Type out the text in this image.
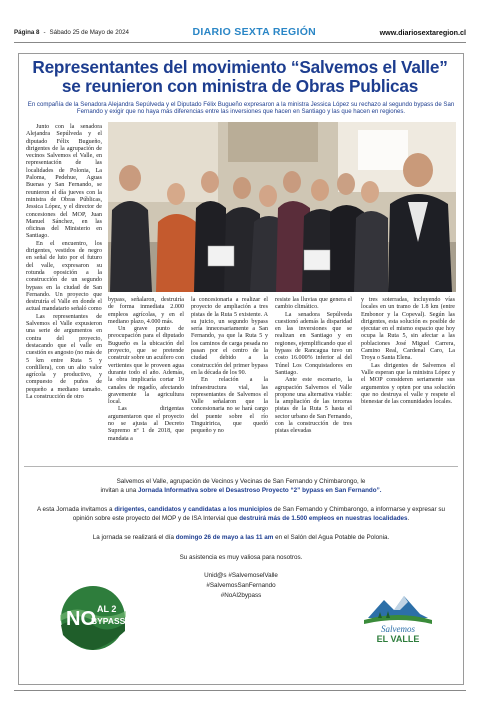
Página 8 - Sábado 25 de Mayo de 2024	DIARIO SEXTA REGIÓN	www.diariosextaregion.cl
Representantes del movimiento “Salvemos el Valle”
se reunieron con ministra de Obras Publicas
En compañía de la Senadora Alejandra Sepúlveda y el Diputado Félix Bugueño expresaron a la ministra Jessica López su rechazo al segundo bypass de San Fernando y exigir que no haya más diferencias entre las inversiones que hacen en Santiago y las que hacen en regiones.

Junto con la senadora Alejandra Sepúlveda y el diputado Félix Bugueño, dirigentes de la agrupación de vecinos Salvemos el Valle, en representación de las localidades de Polonia, La Paloma, Pedehue, Aguas Buenas y San Fernando, se reunieron el día jueves con la ministra de Obras Públicas, Jessica López, y el director de concesiones del MOP, Juan Manuel Sánchez, en las oficinas del Ministerio en Santiago.

En el encuentro, los dirigentes, vestidos de negro en señal de luto por el futuro del valle, expresaron su rotunda oposición a la construcción de un segundo bypass en la ciudad de San Fernando. Un proyecto que destruiría el Valle en donde el actual mandatario señaló como

Las representantes de Salvemos el Valle expusieron una serie de argumentos en contra del proyecto, destacando que el valle en cuestión es angosto (no más de 5 km entre Ruta 5 y cordillera), con un alto valor agrícola y productivo, y compuesto de puños de pequeño a mediano tamaño. La construcción de otro

bypass, señalaron, destruiría de forma inmediata 2.000 empleos agrícolas, y en el mediano plazo, 4.000 más.

Un grave punto de preocupación para el diputado Bugueño es la ubicación del proyecto, que se pretende construir sobre un acuífero con vertientes que le proveen agua durante todo el año. Además, la obra implicaría cortar 19 canales de regadío, afectando gravemente la agricultura local.

Las dirigentas argumentaron que el proyecto no se ajusta al Decreto Supremo nº 1 de 2018, que mandata a

la concesionaria a realizar el proyecto de ampliación a tres pistas de la Ruta 5 existente. A su juicio, un segundo bypass sería innecesariamente a San Fernando, ya que la Ruta 5 y los caminos de carga pesada no pasan por el centro de la ciudad debido a la construcción del primer bypass en la década de los 90.

En relación a la infraestructura vial, las representantes de Salvemos el Valle señalaron que la concesionaria no se hará cargo del puente sobre el río Tinguiririca, que quedó pequeño y no

resiste las lluvias que genera el cambio climático.

La senadora Sepúlveda cuestionó además la disparidad en las inversiones que se realizan en Santiago y en regiones, ejemplificando que el bypass de Rancagua tuvo un costo 16.000% inferior al del Túnel Los Conquistadores en Santiago.

Ante este escenario, la agrupación Salvemos el Valle propone una alternativa viable: la ampliación de las terceras pistas de la Ruta 5 hasta el sector urbano de San Fernando, con la construcción de tres pistas elevadas

y tres soterradas, incluyendo vías locales en un tramo de 1.8 km (entre Embonor y la Copeval). Según las dirigentes, esta solución es posible de ejecutar en el mismo espacio que hoy ocupa la Ruta 5, sin afectar a las poblaciones José Miguel Carrera, Camino Real, Cardenal Caro, La Troya o Santa Elena.

Las dirigentes de Salvemos el Valle esperan que la ministra López y el MOP consideren seriamente sus argumentos y opten por una solución que no destruya el valle y respete el bienestar de las comunidades locales.

Salvemos el Valle, agrupación de Vecinos y Vecinas de San Fernando y Chimbarongo, le
invitan a una Jornada Informativa sobre el Desastroso Proyecto “2” bypass en San Fernando”.

A esta Jornada invitamos a dirigentes, candidatos y candidatas a los municipios de San Fernando y Chimbarongo, a informarse y expresar su opinión sobre este proyecto del MOP y de ISA Intervial que destruirá más de 1.500 empleos en nuestras localidades.

La jornada se realizará el día domingo 26 de mayo a las 11 am en el Salón del Agua Potable de Polonia.

Su asistencia es muy valiosa para nosotros.

Unid@s #SalvemoselValle
#SalvemosSanFernando
#NoAl2bypass
NO AL 2
BYPASS
Salvemos
EL VALLE
